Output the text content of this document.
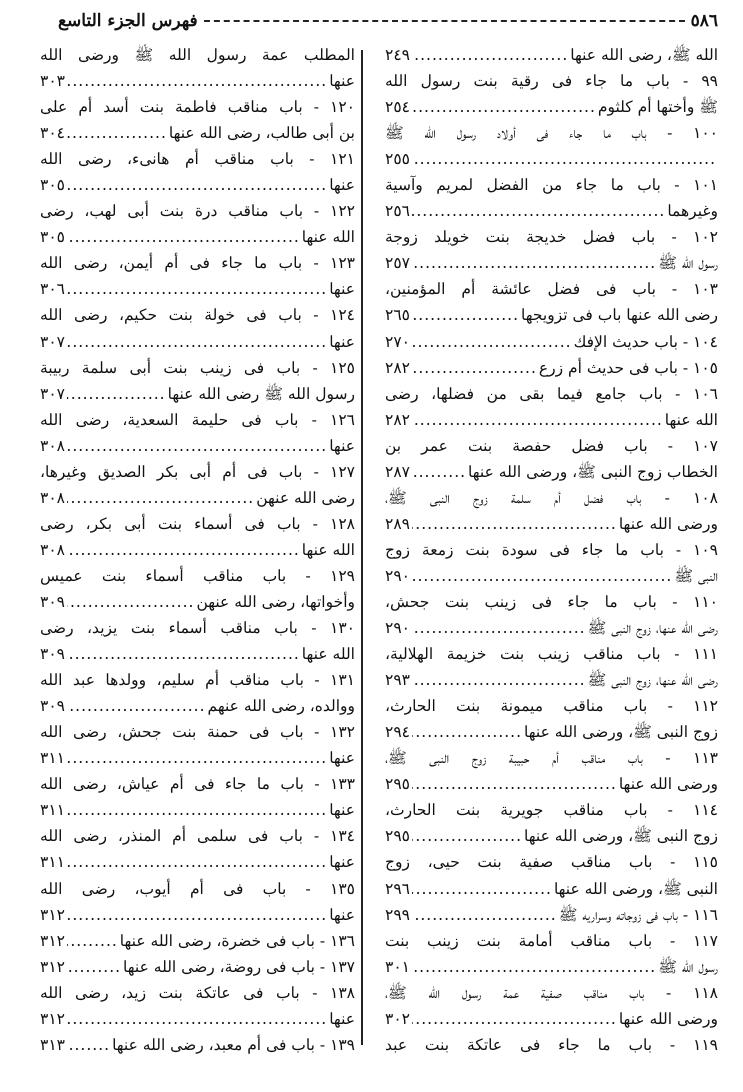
٥٨٦
فهرس الجزء التاسع
الله ﷺ، رضى الله عنها
.....
٢٤٩
٩٩ - باب ما جاء فى رقية بنت رسول الله
ﷺ وأختها أم كلثوم
.....
٢٥٤
١٠٠ - باب ما جاء فى أولاد رسول الله ﷺ
.....
٢٥٥
١٠١ - باب ما جاء من الفضل لمريم وآسية
وغيرهما
.....
٢٥٦
١٠٢ - باب فضل خديجة بنت خويلد زوجة
رسول الله ﷺ
.....
٢٥٧
١٠٣ - باب فى فضل عائشة أم المؤمنين،
رضى الله عنها باب فى تزويجها
.....
٢٦٥
١٠٤ - باب حديث الإفك
.....
٢٧٠
١٠٥ - باب فى حديث أم زرع
.....
٢٨٢
١٠٦ - باب جامع فيما بقى من فضلها، رضى
الله عنها
.....
٢٨٢
١٠٧ - باب فضل حفصة بنت عمر بن
الخطاب زوج النبى ﷺ، ورضى الله عنها
.....
٢٨٧
١٠٨ - باب فضل أم سلمة زوج النبى ﷺ،
ورضى الله عنها
.....
٢٨٩
١٠٩ - باب ما جاء فى سودة بنت زمعة زوج
النبى ﷺ
.....
٢٩٠
١١٠ - باب ما جاء فى زينب بنت جحش،
رضى الله عنها، زوج النبى ﷺ
.....
٢٩٠
١١١ - باب مناقب زينب بنت خزيمة الهلالية،
رضى الله عنها، زوج النبى ﷺ
.....
٢٩٣
١١٢ - باب مناقب ميمونة بنت الحارث،
زوج النبى ﷺ، ورضى الله عنها
.....
٢٩٤
١١٣ - باب مناقب أم حبيبة زوج النبى ﷺ،
ورضى الله عنها
.....
٢٩٥
١١٤ - باب مناقب جويرية بنت الحارث،
زوج النبى ﷺ، ورضى الله عنها
.....
٢٩٥
١١٥ - باب مناقب صفية بنت حيى، زوج
النبى ﷺ، ورضى الله عنها
.....
٢٩٦
١١٦ - باب فى زوجاته وسراريه ﷺ
.....
٢٩٩
١١٧ - باب مناقب أمامة بنت زينب بنت
رسول الله ﷺ
.....
٣٠١
١١٨ - باب مناقب صفية عمة رسول الله ﷺ،
ورضى الله عنها
.....
٣٠٢
١١٩ - باب ما جاء فى عاتكة بنت عبد
المطلب عمة رسول الله ﷺ ورضى الله
عنها
.....
٣٠٣
١٢٠ - باب مناقب فاطمة بنت أسد أم على
بن أبى طالب، رضى الله عنها
.....
٣٠٤
١٢١ - باب مناقب أم هانىء، رضى الله
عنها
.....
٣٠٥
١٢٢ - باب مناقب درة بنت أبى لهب، رضى
الله عنها
.....
٣٠٥
١٢٣ - باب ما جاء فى أم أيمن، رضى الله
عنها
.....
٣٠٦
١٢٤ - باب فى خولة بنت حكيم، رضى الله
عنها
.....
٣٠٧
١٢٥ - باب فى زينب بنت أبى سلمة ربيبة
رسول الله ﷺ رضى الله عنها
.....
٣٠٧
١٢٦ - باب فى حليمة السعدية، رضى الله
عنها
.....
٣٠٨
١٢٧ - باب فى أم أبى بكر الصديق وغيرها،
رضى الله عنهن
.....
٣٠٨
١٢٨ - باب فى أسماء بنت أبى بكر، رضى
الله عنها
.....
٣٠٨
١٢٩ - باب مناقب أسماء بنت عميس
وأخواتها، رضى الله عنهن
.....
٣٠٩
١٣٠ - باب مناقب أسماء بنت يزيد، رضى
الله عنها
.....
٣٠٩
١٣١ - باب مناقب أم سليم، وولدها عبد الله
ووالده، رضى الله عنهم
.....
٣٠٩
١٣٢ - باب فى حمنة بنت جحش، رضى الله
عنها
.....
٣١١
١٣٣ - باب ما جاء فى أم عياش، رضى الله
عنها
.....
٣١١
١٣٤ - باب فى سلمى أم المنذر، رضى الله
عنها
.....
٣١١
١٣٥ - باب فى أم أيوب، رضى الله
عنها
.....
٣١٢
١٣٦ - باب فى خضرة، رضى الله عنها
.....
٣١٢
١٣٧ - باب فى روضة، رضى الله عنها
.....
٣١٢
١٣٨ - باب فى عاتكة بنت زيد، رضى الله
عنها
.....
٣١٢
١٣٩ - باب فى أم معبد، رضى الله عنها
.....
٣١٣
